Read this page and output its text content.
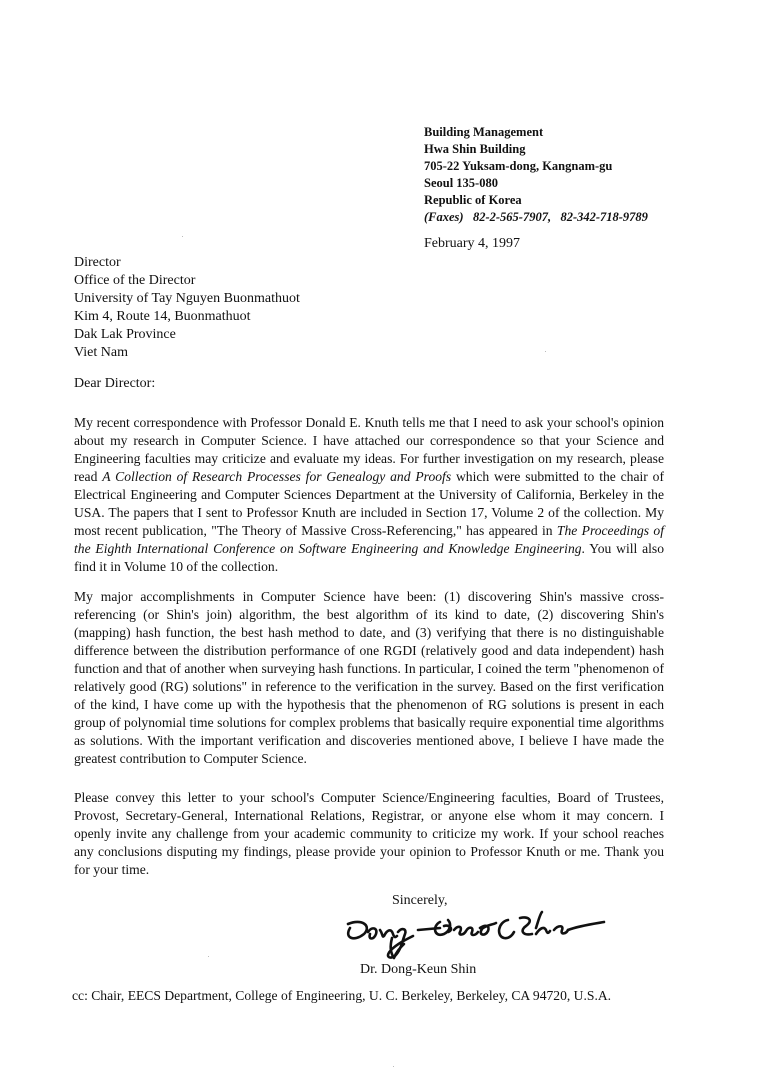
Building Management
Hwa Shin Building
705-22 Yuksam-dong, Kangnam-gu
Seoul 135-080
Republic of Korea
(Faxes) 82-2-565-7907,   82-342-718-9789
February 4, 1997
Director
Office of the Director
University of Tay Nguyen Buonmathuot
Kim 4, Route 14, Buonmathuot
Dak Lak Province
Viet Nam
Dear Director:

My recent correspondence with Professor Donald E. Knuth tells me that I need to ask your school's opinion about my research in Computer Science. I have attached our correspondence so that your Science and Engineering faculties may criticize and evaluate my ideas. For further investigation on my research, please read A Collection of Research Processes for Genealogy and Proofs which were submitted to the chair of Electrical Engineering and Computer Sciences Department at the University of California, Berkeley in the USA. The papers that I sent to Professor Knuth are included in Section 17, Volume 2 of the collection. My most recent publication, "The Theory of Massive Cross-Referencing," has appeared in The Proceedings of the Eighth International Conference on Software Engineering and Knowledge Engineering. You will also find it in Volume 10 of the collection.

My major accomplishments in Computer Science have been: (1) discovering Shin's massive cross-referencing (or Shin's join) algorithm, the best algorithm of its kind to date, (2) discovering Shin's (mapping) hash function, the best hash method to date, and (3) verifying that there is no distinguishable difference between the distribution performance of one RGDI (relatively good and data independent) hash function and that of another when surveying hash functions. In particular, I coined the term "phenomenon of relatively good (RG) solutions" in reference to the verification in the survey. Based on the first verification of the kind, I have come up with the hypothesis that the phenomenon of RG solutions is present in each group of polynomial time solutions for complex problems that basically require exponential time algorithms as solutions. With the important verification and discoveries mentioned above, I believe I have made the greatest contribution to Computer Science.

Please convey this letter to your school's Computer Science/Engineering faculties, Board of Trustees, Provost, Secretary-General, International Relations, Registrar, or anyone else whom it may concern. I openly invite any challenge from your academic community to criticize my work. If your school reaches any conclusions disputing my findings, please provide your opinion to Professor Knuth or me. Thank you for your time.

Sincerely,
Dr. Dong-Keun Shin
cc: Chair, EECS Department, College of Engineering, U. C. Berkeley, Berkeley, CA 94720, U.S.A.
